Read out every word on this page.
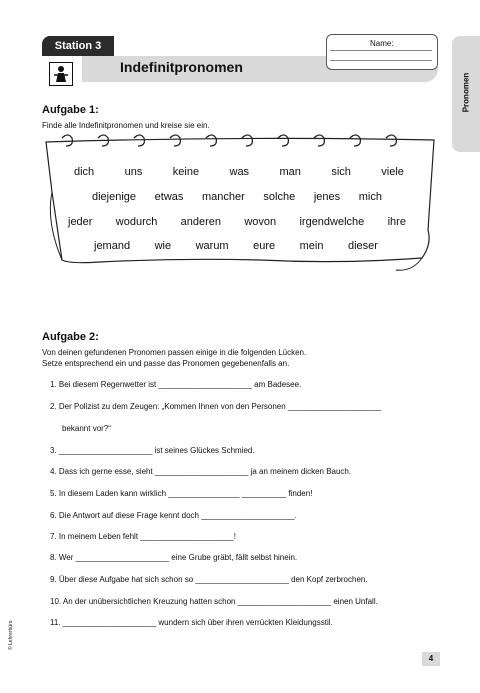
Station 3
Indefinitpronomen
Name:
Pronomen
Aufgabe 1:
Finde alle Indefinitpronomen und kreise sie ein.
dich	uns	keine	was	man	sich	viele
diejenige etwas mancher solche jenes mich
jeder wodurch anderen wovon irgendwelche ihre
jemand wie warum eure mein dieser
Aufgabe 2:
Von deinen gefundenen Pronomen passen einige in die folgenden Lücken.
Setze entsprechend ein und passe das Pronomen gegebenenfalls an.
1. Bei diesem Regenwetter ist _____________________ am Badesee.
2. Der Polizist zu dem Zeugen: „Kommen Ihnen von den Personen _____________________
bekannt vor?“
3. _____________________ ist seines Glückes Schmied.
4. Dass ich gerne esse, sieht _____________________ ja an meinem dicken Bauch.
5. In diesem Laden kann wirklich ________________ __________ finden!
6. Die Antwort auf diese Frage kennt doch _____________________.
7. In meinem Leben fehlt _____________________!
8. Wer _____________________ eine Grube gräbt, fällt selbst hinein.
9. Über diese Aufgabe hat sich schon so _____________________ den Kopf zerbrochen.
10. An der unübersichtlichen Kreuzung hatten schon _____________________ einen Unfall.
11. _____________________ wundern sich über ihren verrückten Kleidungsstil.
4
© Lehrerbüro
